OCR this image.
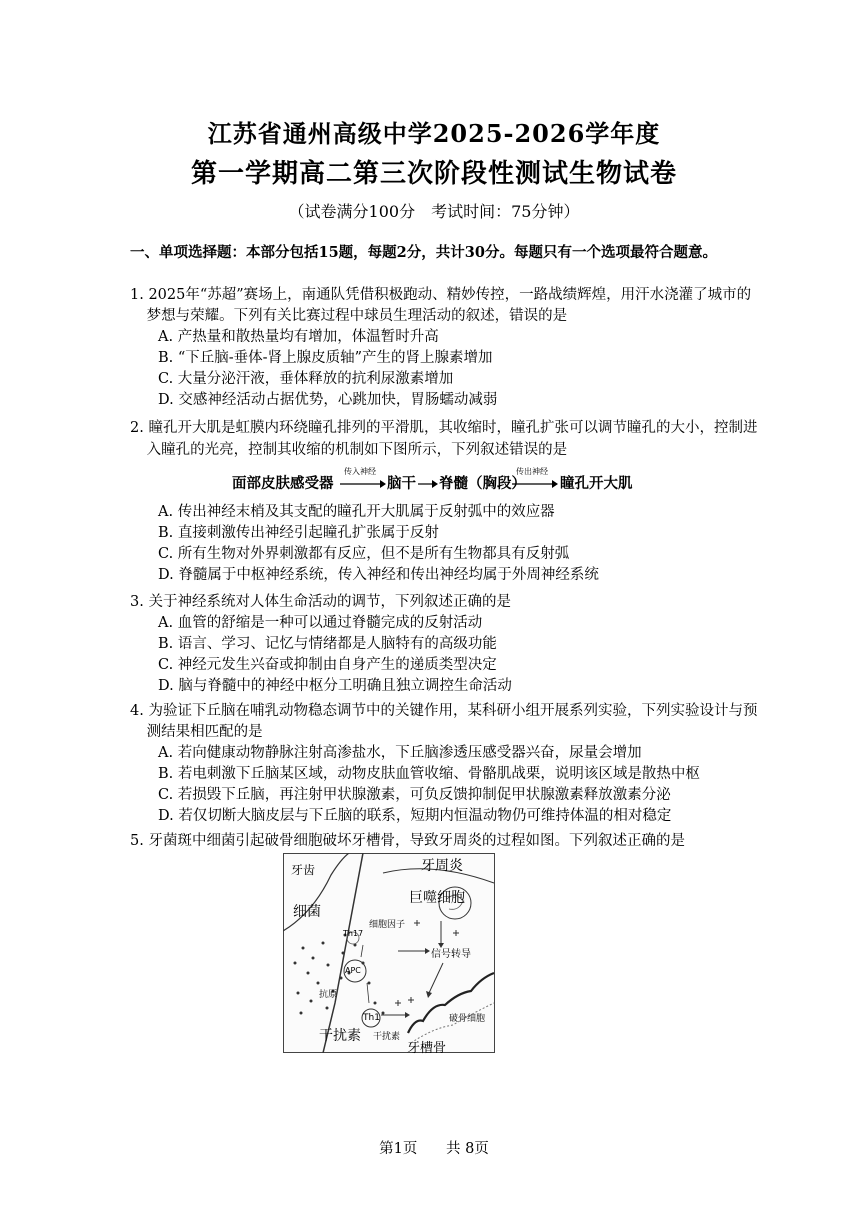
江苏省通州高级中学2025-2026学年度
第一学期高二第三次阶段性测试生物试卷
（试卷满分100分　考试时间：75分钟）
一、单项选择题：本部分包括15题，每题2分，共计30分。每题只有一个选项最符合题意。
1. 2025年“苏超”赛场上，南通队凭借积极跑动、精妙传控，一路战绩辉煌，用汗水浇灌了城市的梦想与荣耀。下列有关比赛过程中球员生理活动的叙述，错误的是
A. 产热量和散热量均有增加，体温暂时升高
B. “下丘脑-垂体-肾上腺皮质轴”产生的肾上腺素增加
C. 大量分泌汗液，垂体释放的抗利尿激素增加
D. 交感神经活动占据优势，心跳加快，胃肠蠕动减弱
2. 瞳孔开大肌是虹膜内环绕瞳孔排列的平滑肌，其收缩时，瞳孔扩张可以调节瞳孔的大小，控制进入瞳孔的光亮，控制其收缩的机制如下图所示，下列叙述错误的是
面部皮肤感受器
传入神经
脑干 脊髓（胸段）
传出神经
瞳孔开大肌
A. 传出神经末梢及其支配的瞳孔开大肌属于反射弧中的效应器
B. 直接刺激传出神经引起瞳孔扩张属于反射
C. 所有生物对外界刺激都有反应，但不是所有生物都具有反射弧
D. 脊髓属于中枢神经系统，传入神经和传出神经均属于外周神经系统
3. 关于神经系统对人体生命活动的调节，下列叙述正确的是
A. 血管的舒缩是一种可以通过脊髓完成的反射活动
B. 语言、学习、记忆与情绪都是人脑特有的高级功能
C. 神经元发生兴奋或抑制由自身产生的递质类型决定
D. 脑与脊髓中的神经中枢分工明确且独立调控生命活动
4. 为验证下丘脑在哺乳动物稳态调节中的关键作用，某科研小组开展系列实验，下列实验设计与预测结果相匹配的是
A. 若向健康动物静脉注射高渗盐水，下丘脑渗透压感受器兴奋，尿量会增加
B. 若电刺激下丘脑某区域，动物皮肤血管收缩、骨骼肌战栗，说明该区域是散热中枢
C. 若损毁下丘脑，再注射甲状腺激素，可负反馈抑制促甲状腺激素释放激素分泌
D. 若仅切断大脑皮层与下丘脑的联系，短期内恒温动物仍可维持体温的相对稳定
5. 牙菌斑中细菌引起破骨细胞破坏牙槽骨，导致牙周炎的过程如图。下列叙述正确的是
牙齿	牙周炎
巨噬细胞
细菌
细胞因子
Th17
信号转导
APC
抗原
Th1
干扰素 干扰素
破骨细胞
牙槽骨
第1页 共 8页
